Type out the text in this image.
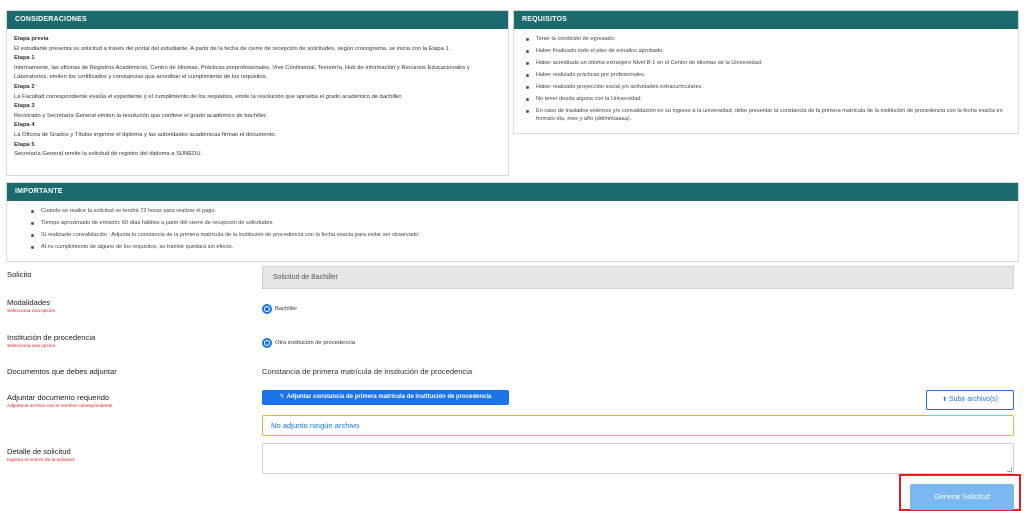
CONSIDERACIONES
Etapa previa
El estudiante presenta su solicitud a través del portal del estudiante. A partir de la fecha de cierre de recepción de solicitudes, según cronograma, se inicia con la Etapa 1.
Etapa 1
Internamente, las oficinas de Registros Académicos, Centro de Idiomas, Prácticas preprofesionales, Vive Continental, Tesorería, Hub de información y Recursos Educacionales y Laboratorios, emiten los certificados y constancias que acreditan el cumplimiento de los requisitos.
Etapa 2
La Facultad correspondiente evalúa el expediente y el cumplimiento de los requisitos, emite la resolución que aprueba el grado académico de bachiller.
Etapa 3
Rectorado y Secretaría General emiten la resolución que confiere el grado académico de bachiller.
Etapa 4
La Oficina de Grados y Títulos imprime el diploma y las autoridades académicas firman el documento.
Etapa 5
Secretaría General remite la solicitud de registro del diploma a SUNEDU.
REQUISITOS
Tener la condición de egresado.
Haber finalizado todo el plan de estudios aprobado.
Haber acreditado un idioma extranjero Nivel B-1 en el Centro de idiomas de la Universidad.
Haber realizado prácticas pre profesionales.
Haber realizado proyección social y/o actividades extracurriculares.
No tener deuda alguna con la Universidad.
En caso de traslados externos y/o convalidación en su ingreso a la universidad, debe presentar la constancia de la primera matrícula de la institución de procedencia con la fecha exacta en formato día, mes y año (dd/mm/aaaa).
IMPORTANTE
Cuando se realice la solicitud se tendrá 72 horas para realizar el pago.
Tiempo aproximado de emisión: 60 días hábiles a partir del cierre de recepción de solicitudes.
Si realizaste convalidación : Adjunta tu constancia de la primera matrícula de la institución de procedencia con la fecha exacta para evitar ser observado.
Al no cumplimiento de alguno de los requisitos, su trámite quedará sin efecto.
Solicito	Solicitud de Bachiller
Modalidades
Selecciona una opción	Bachiller
Institución de procedencia
Selecciona una opción
Otra institución de procedencia
Documentos que debes adjuntar	Constancia de primera matrícula de institución de procedencia
Adjuntar documento requerido
Adjunta el archivo con el nombre correspondiente
✎ Adjuntar constancia de primera matrícula de institución de procedencia	⬆ Subir archivo(s)
No adjunto ningún archivo
Detalle de solicitud
Ingresa el motivo de la solicitud
Generar Solicitud
